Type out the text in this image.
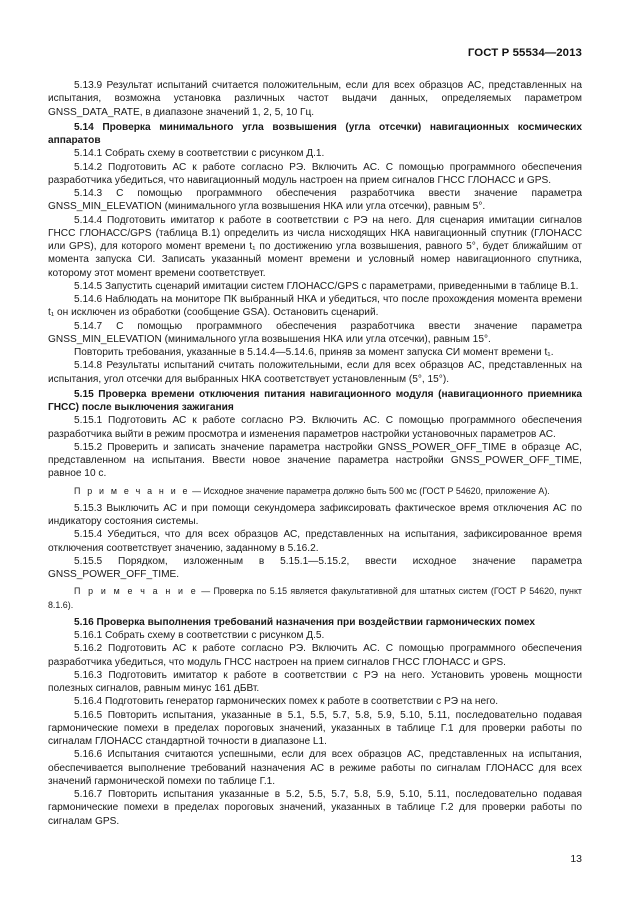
ГОСТ Р 55534—2013

5.13.9 Результат испытаний считается положительным, если для всех образцов АС, представленных на испытания, возможна установка различных частот выдачи данных, определяемых параметром GNSS_DATA_RATE, в диапазоне значений 1, 2, 5, 10 Гц.

5.14 Проверка минимального угла возвышения (угла отсечки) навигационных космических аппаратов

5.14.1 Собрать схему в соответствии с рисунком Д.1.

5.14.2 Подготовить АС к работе согласно РЭ. Включить АС. С помощью программного обеспечения разработчика убедиться, что навигационный модуль настроен на прием сигналов ГНСС ГЛОНАСС и GPS.

5.14.3 С помощью программного обеспечения разработчика ввести значение параметра GNSS_MIN_ELEVATION (минимального угла возвышения НКА или угла отсечки), равным 5°.

5.14.4 Подготовить имитатор к работе в соответствии с РЭ на него. Для сценария имитации сигналов ГНСС ГЛОНАСС/GPS (таблица В.1) определить из числа нисходящих НКА навигационный спутник (ГЛОНАСС или GPS), для которого момент времени t₁ по достижению угла возвышения, равного 5°, будет ближайшим от момента запуска СИ. Записать указанный момент времени и условный номер навигационного спутника, которому этот момент времени соответствует.

5.14.5 Запустить сценарий имитации систем ГЛОНАСС/GPS с параметрами, приведенными в таблице В.1.

5.14.6 Наблюдать на мониторе ПК выбранный НКА и убедиться, что после прохождения момента времени t₁ он исключен из обработки (сообщение GSA). Остановить сценарий.

5.14.7 С помощью программного обеспечения разработчика ввести значение параметра GNSS_MIN_ELEVATION (минимального угла возвышения НКА или угла отсечки), равным 15°.

Повторить требования, указанные в 5.14.4—5.14.6, приняв за момент запуска СИ момент времени t₁.

5.14.8 Результаты испытаний считать положительными, если для всех образцов АС, представленных на испытания, угол отсечки для выбранных НКА соответствует установленным (5°, 15°).

5.15 Проверка времени отключения питания навигационного модуля (навигационного приемника ГНСС) после выключения зажигания

5.15.1 Подготовить АС к работе согласно РЭ. Включить АС. С помощью программного обеспечения разработчика выйти в режим просмотра и изменения параметров настройки установочных параметров АС.

5.15.2 Проверить и записать значение параметра настройки GNSS_POWER_OFF_TIME в образце АС, представленном на испытания. Ввести новое значение параметра настройки GNSS_POWER_OFF_TIME, равное 10 с.

П р и м е ч а н и е — Исходное значение параметра должно быть 500 мс (ГОСТ Р 54620, приложение А).

5.15.3 Выключить АС и при помощи секундомера зафиксировать фактическое время отключения АС по индикатору состояния системы.

5.15.4 Убедиться, что для всех образцов АС, представленных на испытания, зафиксированное время отключения соответствует значению, заданному в 5.16.2.

5.15.5 Порядком, изложенным в 5.15.1—5.15.2, ввести исходное значение параметра GNSS_POWER_OFF_TIME.

П р и м е ч а н и е — Проверка по 5.15 является факультативной для штатных систем (ГОСТ Р 54620, пункт 8.1.6).

5.16 Проверка выполнения требований назначения при воздействии гармонических помех

5.16.1 Собрать схему в соответствии с рисунком Д.5.

5.16.2 Подготовить АС к работе согласно РЭ. Включить АС. С помощью программного обеспечения разработчика убедиться, что модуль ГНСС настроен на прием сигналов ГНСС ГЛОНАСС и GPS.

5.16.3 Подготовить имитатор к работе в соответствии с РЭ на него. Установить уровень мощности полезных сигналов, равным минус 161 дБВт.

5.16.4 Подготовить генератор гармонических помех к работе в соответствии с РЭ на него.

5.16.5 Повторить испытания, указанные в 5.1, 5.5, 5.7, 5.8, 5.9, 5.10, 5.11, последовательно подавая гармонические помехи в пределах пороговых значений, указанных в таблице Г.1 для проверки работы по сигналам ГЛОНАСС стандартной точности в диапазоне L1.

5.16.6 Испытания считаются успешными, если для всех образцов АС, представленных на испытания, обеспечивается выполнение требований назначения АС в режиме работы по сигналам ГЛОНАСС для всех значений гармонической помехи по таблице Г.1.

5.16.7 Повторить испытания указанные в 5.2, 5.5, 5.7, 5.8, 5.9, 5.10, 5.11, последовательно подавая гармонические помехи в пределах пороговых значений, указанных в таблице Г.2 для проверки работы по сигналам GPS.

13
